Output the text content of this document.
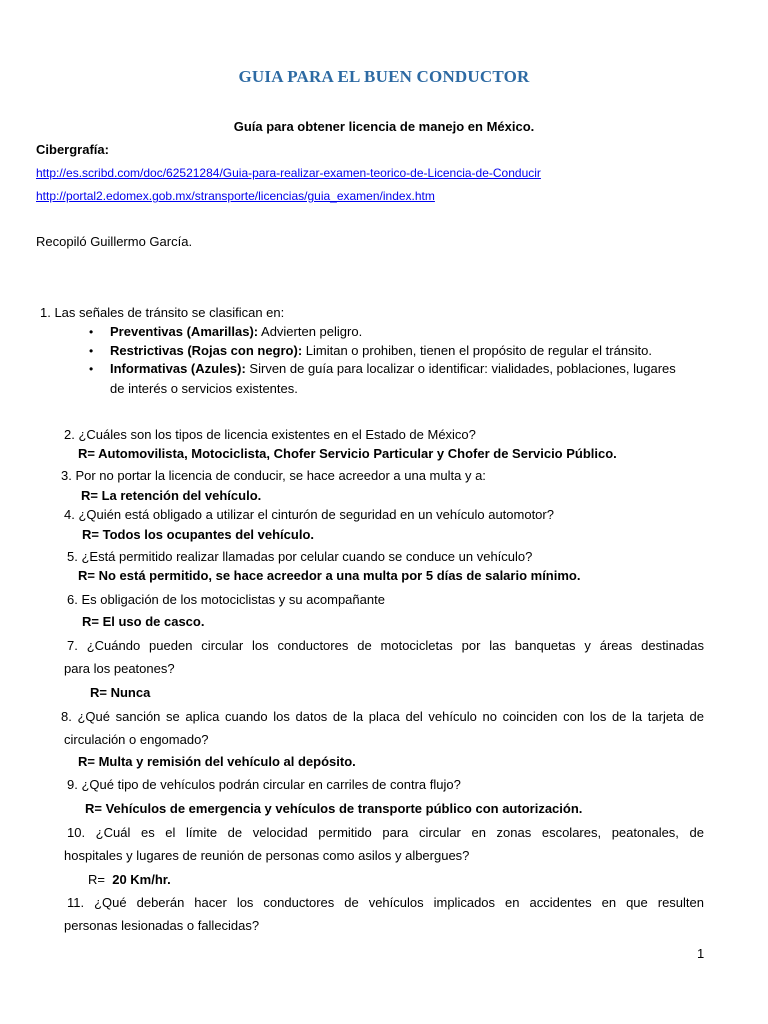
GUIA PARA EL BUEN CONDUCTOR
Guía para obtener licencia de manejo en México.
Cibergrafía:
http://es.scribd.com/doc/62521284/Guia-para-realizar-examen-teorico-de-Licencia-de-Conducir
http://portal2.edomex.gob.mx/stransporte/licencias/guia_examen/index.htm
Recopiló Guillermo García.
1. Las señales de tránsito se clasifican en:
• Preventivas (Amarillas): Advierten peligro.
• Restrictivas (Rojas con negro): Limitan o prohiben, tienen el propósito de regular el tránsito.
• Informativas (Azules): Sirven de guía para localizar o identificar: vialidades, poblaciones, lugares
de interés o servicios existentes.
2. ¿Cuáles son los tipos de licencia existentes en el Estado de México?
R= Automovilista, Motociclista, Chofer Servicio Particular y Chofer de Servicio Público.
3. Por no portar la licencia de conducir, se hace acreedor a una multa y a:
R= La retención del vehículo.
4. ¿Quién está obligado a utilizar el cinturón de seguridad en un vehículo automotor?
R= Todos los ocupantes del vehículo.
5. ¿Está permitido realizar llamadas por celular cuando se conduce un vehículo?
R= No está permitido, se hace acreedor a una multa por 5 días de salario mínimo.
6. Es obligación de los motociclistas y su acompañante
R= El uso de casco.
7. ¿Cuándo pueden circular los conductores de motocicletas por las banquetas y áreas destinadas
para los peatones?
R= Nunca
8. ¿Qué sanción se aplica cuando los datos de la placa del vehículo no coinciden con los de la tarjeta de
circulación o engomado?
R= Multa y remisión del vehículo al depósito.
9. ¿Qué tipo de vehículos podrán circular en carriles de contra flujo?
R= Vehículos de emergencia y vehículos de transporte público con autorización.
10. ¿Cuál es el límite de velocidad permitido para circular en zonas escolares, peatonales, de
hospitales y lugares de reunión de personas como asilos y albergues?
R=  20 Km/hr.
11. ¿Qué deberán hacer los conductores de vehículos implicados en accidentes en que resulten
personas lesionadas o fallecidas?
1
